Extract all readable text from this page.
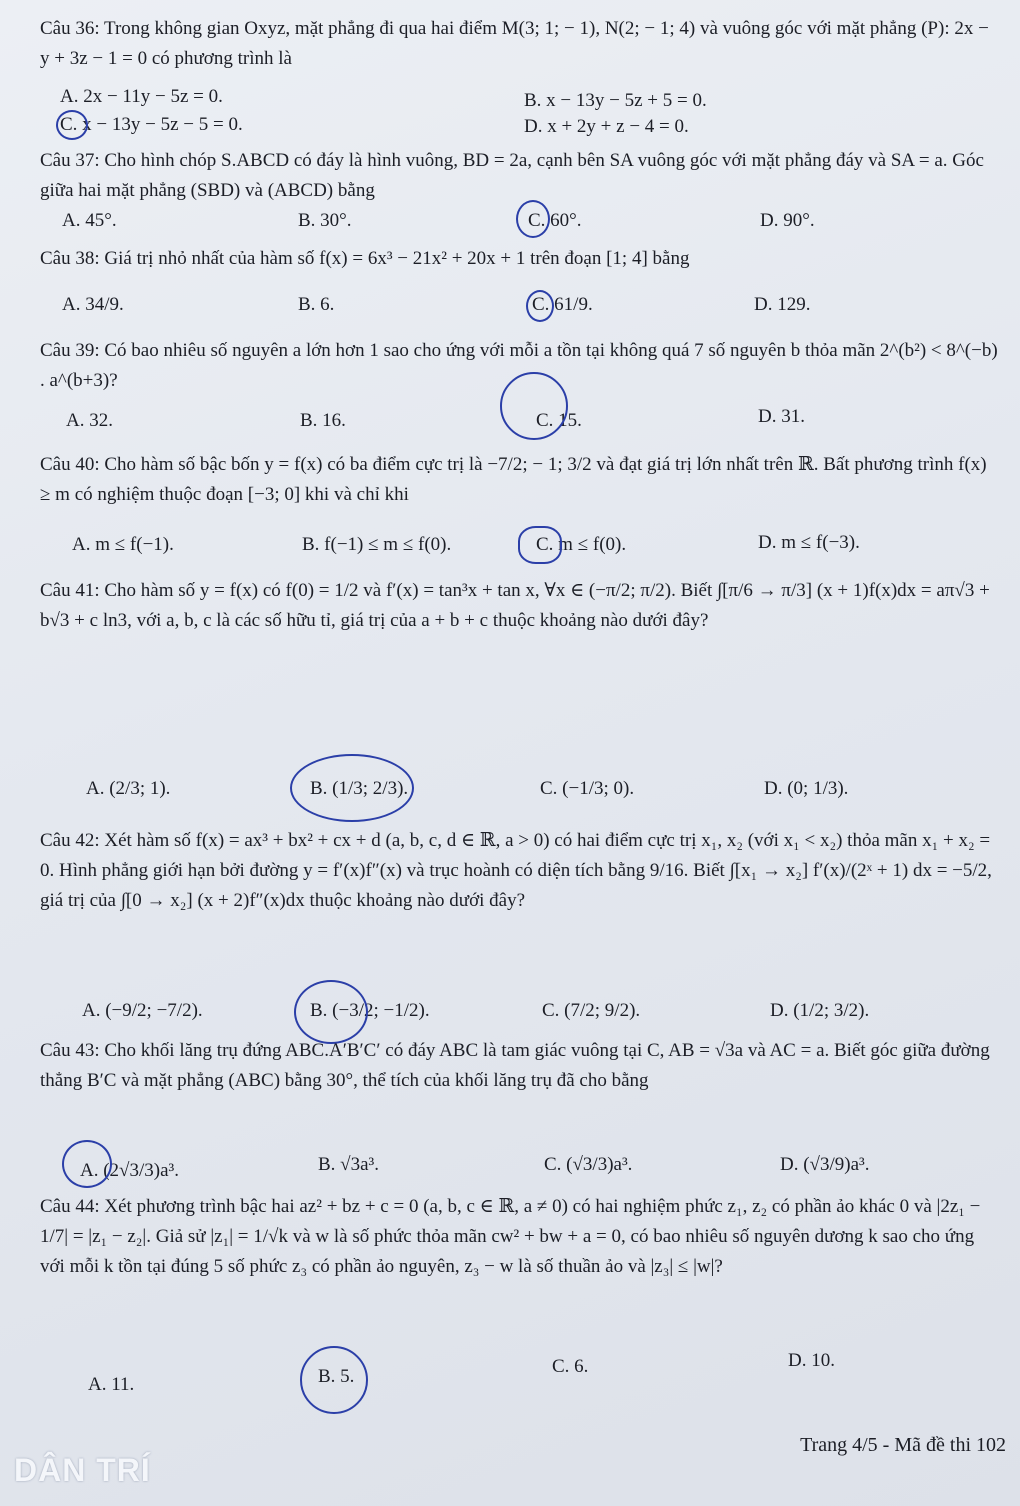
Câu 36: Trong không gian Oxyz, mặt phẳng đi qua hai điểm M(3; 1; − 1), N(2; − 1; 4) và vuông góc với mặt phẳng (P): 2x − y + 3z − 1 = 0 có phương trình là
A. 2x − 11y − 5z = 0.	B. x − 13y − 5z + 5 = 0.
C. x − 13y − 5z − 5 = 0.	D. x + 2y + z − 4 = 0.
Câu 37: Cho hình chóp S.ABCD có đáy là hình vuông, BD = 2a, cạnh bên SA vuông góc với mặt phẳng đáy và SA = a. Góc giữa hai mặt phẳng (SBD) và (ABCD) bằng
A. 45°.	B. 30°.	C. 60°.	D. 90°.
Câu 38: Giá trị nhỏ nhất của hàm số f(x) = 6x³ − 21x² + 20x + 1 trên đoạn [1; 4] bằng
A. 34/9.	B. 6.	C. 61/9.	D. 129.
Câu 39: Có bao nhiêu số nguyên a lớn hơn 1 sao cho ứng với mỗi a tồn tại không quá 7 số nguyên b thỏa mãn 2^(b²) < 8^(−b) . a^(b+3)?
A. 32.	B. 16.	C. 15.	D. 31.
Câu 40: Cho hàm số bậc bốn y = f(x) có ba điểm cực trị là −7/2; − 1; 3/2 và đạt giá trị lớn nhất trên ℝ. Bất phương trình f(x) ≥ m có nghiệm thuộc đoạn [−3; 0] khi và chỉ khi
A. m ≤ f(−1).	B. f(−1) ≤ m ≤ f(0).	C. m ≤ f(0).	D. m ≤ f(−3).
Câu 41: Cho hàm số y = f(x) có f(0) = 1/2 và f′(x) = tan³x + tan x, ∀x ∈ (−π/2; π/2). Biết ∫[π/6 → π/3] (x + 1)f(x)dx = aπ√3 + b√3 + c ln3, với a, b, c là các số hữu tỉ, giá trị của a + b + c thuộc khoảng nào dưới đây?
A. (2/3; 1).	B. (1/3; 2/3).	C. (−1/3; 0).	D. (0; 1/3).
Câu 42: Xét hàm số f(x) = ax³ + bx² + cx + d (a, b, c, d ∈ ℝ, a > 0) có hai điểm cực trị x₁, x₂ (với x₁ < x₂) thỏa mãn x₁ + x₂ = 0. Hình phẳng giới hạn bởi đường y = f′(x)f″(x) và trục hoành có diện tích bằng 9/16. Biết ∫[x₁ → x₂] f′(x)/(2ˣ + 1) dx = −5/2, giá trị của ∫[0 → x₂] (x + 2)f″(x)dx thuộc khoảng nào dưới đây?
A. (−9/2; −7/2).	B. (−3/2; −1/2).	C. (7/2; 9/2).	D. (1/2; 3/2).
Câu 43: Cho khối lăng trụ đứng ABC.A′B′C′ có đáy ABC là tam giác vuông tại C, AB = √3a và AC = a. Biết góc giữa đường thẳng B′C và mặt phẳng (ABC) bằng 30°, thể tích của khối lăng trụ đã cho bằng
A. (2√3/3)a³.	B. √3a³.	C. (√3/3)a³.	D. (√3/9)a³.
Câu 44: Xét phương trình bậc hai az² + bz + c = 0 (a, b, c ∈ ℝ, a ≠ 0) có hai nghiệm phức z₁, z₂ có phần ảo khác 0 và |2z₁ − 1/7| = |z₁ − z₂|. Giả sử |z₁| = 1/√k và w là số phức thỏa mãn cw² + bw + a = 0, có bao nhiêu số nguyên dương k sao cho ứng với mỗi k tồn tại đúng 5 số phức z₃ có phần ảo nguyên, z₃ − w là số thuần ảo và |z₃| ≤ |w|?
A. 11.	B. 5.	C. 6.	D. 10.
Trang 4/5 - Mã đề thi 102
DÂN TRÍ
